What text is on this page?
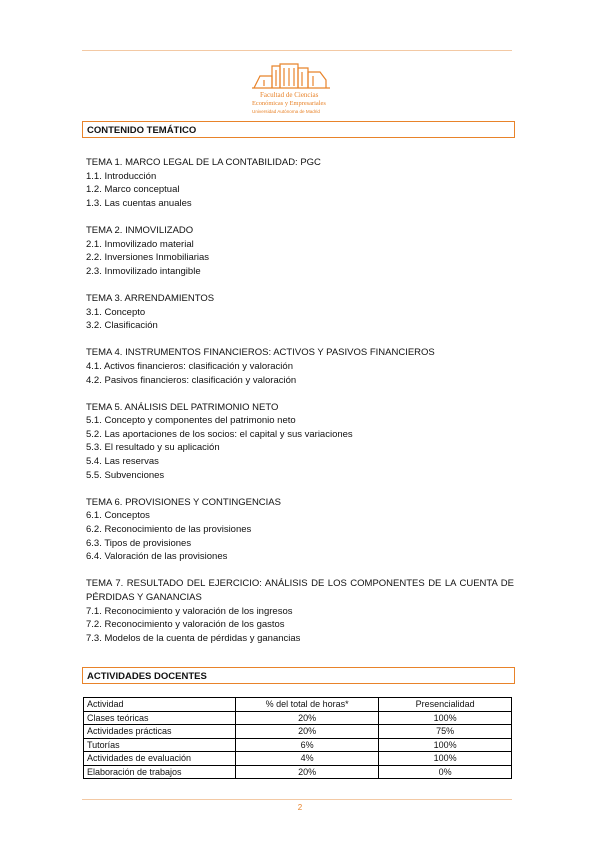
Facultad de Ciencias
Económicas y Empresariales
Universidad Autónoma de Madrid
CONTENIDO TEMÁTICO
TEMA 1. MARCO LEGAL DE LA CONTABILIDAD: PGC
1.1. Introducción
1.2. Marco conceptual
1.3. Las cuentas anuales
TEMA 2. INMOVILIZADO
2.1. Inmovilizado material
2.2. Inversiones Inmobiliarias
2.3. Inmovilizado intangible
TEMA 3. ARRENDAMIENTOS
3.1. Concepto
3.2. Clasificación
TEMA 4. INSTRUMENTOS FINANCIEROS: ACTIVOS Y PASIVOS FINANCIEROS
4.1. Activos financieros: clasificación y valoración
4.2. Pasivos financieros: clasificación y valoración
TEMA 5. ANÁLISIS DEL PATRIMONIO NETO
5.1. Concepto y componentes del patrimonio neto
5.2. Las aportaciones de los socios: el capital y sus variaciones
5.3. El resultado y su aplicación
5.4. Las reservas
5.5. Subvenciones
TEMA 6. PROVISIONES Y CONTINGENCIAS
6.1. Conceptos
6.2. Reconocimiento de las provisiones
6.3. Tipos de provisiones
6.4. Valoración de las provisiones
TEMA 7. RESULTADO DEL EJERCICIO: ANÁLISIS DE LOS COMPONENTES DE LA CUENTA DE PÉRDIDAS Y GANANCIAS
7.1. Reconocimiento y valoración de los ingresos
7.2. Reconocimiento y valoración de los gastos
7.3. Modelos de la cuenta de pérdidas y ganancias
ACTIVIDADES DOCENTES
Actividad	% del total de horas*	Presencialidad
Clases teóricas	20%	100%
Actividades prácticas	20%	75%
Tutorías	6%	100%
Actividades de evaluación	4%	100%
Elaboración de trabajos	20%	0%
2
